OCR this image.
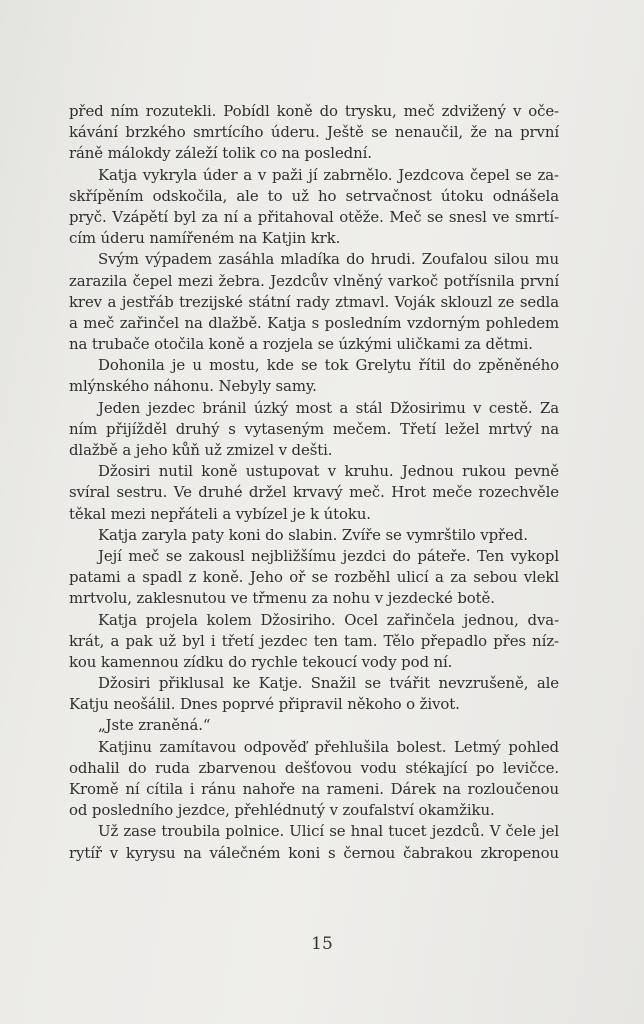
před ním rozutekli. Pobídl koně do trysku, meč zdvižený v oče-
kávání brzkého smrtícího úderu. Ještě se nenaučil, že na první
ráně málokdy záleží tolik co na poslední.
Katja vykryla úder a v paži jí zabrnělo. Jezdcova čepel se za-
skřípěním odskočila, ale to už ho setrvačnost útoku odnášela
pryč. Vzápětí byl za ní a přitahoval otěže. Meč se snesl ve smrtí-
cím úderu namířeném na Katjin krk.
Svým výpadem zasáhla mladíka do hrudi. Zoufalou silou mu
zarazila čepel mezi žebra. Jezdcův vlněný varkoč potřísnila první
krev a jestřáb trezijské státní rady ztmavl. Voják sklouzl ze sedla
a meč zařinčel na dlažbě. Katja s posledním vzdorným pohledem
na trubače otočila koně a rozjela se úzkými uličkami za dětmi.
Dohonila je u mostu, kde se tok Grelytu řítil do zpěněného
mlýnského náhonu. Nebyly samy.
Jeden jezdec bránil úzký most a stál Džosirimu v cestě. Za
ním přijížděl druhý s vytaseným mečem. Třetí ležel mrtvý na
dlažbě a jeho kůň už zmizel v dešti.
Džosiri nutil koně ustupovat v kruhu. Jednou rukou pevně
svíral sestru. Ve druhé držel krvavý meč. Hrot meče rozechvěle
těkal mezi nepřáteli a vybízel je k útoku.
Katja zaryla paty koni do slabin. Zvíře se vymrštilo vpřed.
Její meč se zakousl nejbližšímu jezdci do páteře. Ten vykopl
patami a spadl z koně. Jeho oř se rozběhl ulicí a za sebou vlekl
mrtvolu, zaklesnutou ve třmenu za nohu v jezdecké botě.
Katja projela kolem Džosiriho. Ocel zařinčela jednou, dva-
krát, a pak už byl i třetí jezdec ten tam. Tělo přepadlo přes níz-
kou kamennou zídku do rychle tekoucí vody pod ní.
Džosiri přiklusal ke Katje. Snažil se tvářit nevzrušeně, ale
Katju neošálil. Dnes poprvé připravil někoho o život.
„Jste zraněná.“
Katjinu zamítavou odpověď přehlušila bolest. Letmý pohled
odhalil do ruda zbarvenou dešťovou vodu stékající po levičce.
Kromě ní cítila i ránu nahoře na rameni. Dárek na rozloučenou
od posledního jezdce, přehlédnutý v zoufalství okamžiku.
Už zase troubila polnice. Ulicí se hnal tucet jezdců. V čele jel
rytíř v kyrysu na válečném koni s černou čabrakou zkropenou
15
